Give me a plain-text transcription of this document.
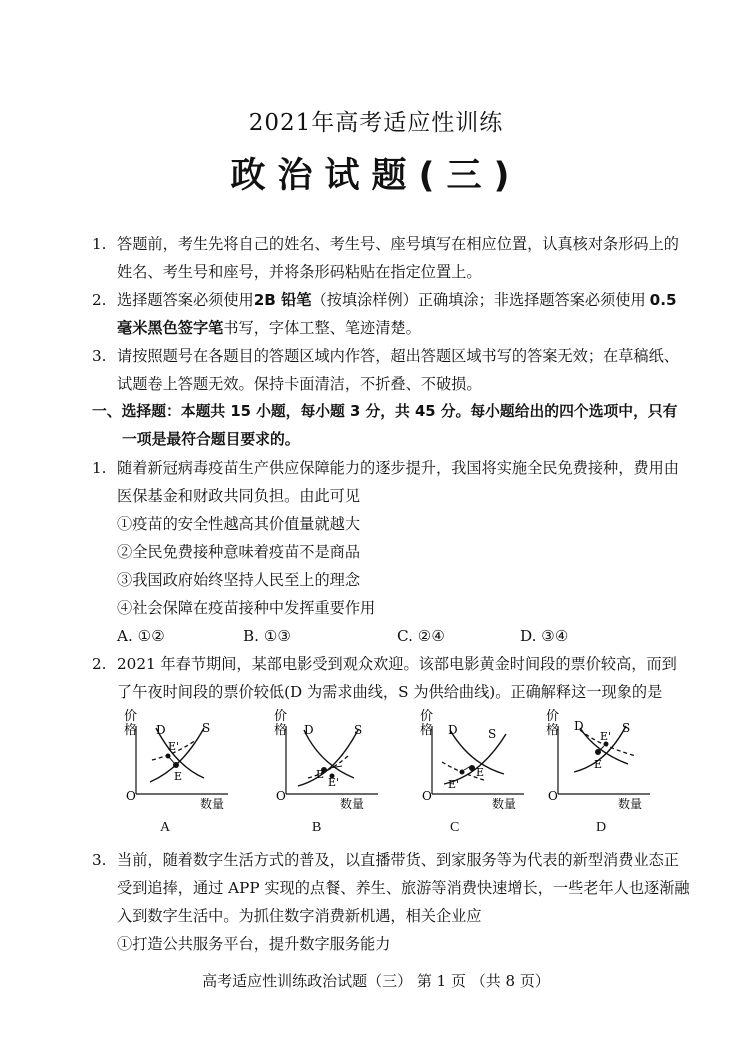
2021年高考适应性训练
政治试题(三)
1. 答题前，考生先将自己的姓名、考生号、座号填写在相应位置，认真核对条形码上的
姓名、考生号和座号，并将条形码粘贴在指定位置上。
2. 选择题答案必须使用2B 铅笔（按填涂样例）正确填涂；非选择题答案必须使用 0.5
毫米黑色签字笔书写，字体工整、笔迹清楚。
3. 请按照题号在各题目的答题区域内作答，超出答题区域书写的答案无效；在草稿纸、
试题卷上答题无效。保持卡面清洁，不折叠、不破损。
一、选择题：本题共 15 小题，每小题 3 分，共 45 分。每小题给出的四个选项中，只有
一项是最符合题目要求的。
1. 随着新冠病毒疫苗生产供应保障能力的逐步提升，我国将实施全民免费接种，费用由
医保基金和财政共同负担。由此可见
①疫苗的安全性越高其价值量就越大
②全民免费接种意味着疫苗不是商品
③我国政府始终坚持人民至上的理念
④社会保障在疫苗接种中发挥重要作用
A. ①②	B. ①③	C. ②④	D. ③④
2. 2021 年春节期间，某部电影受到观众欢迎。该部电影黄金时间段的票价较高，而到
了午夜时间段的票价较低(D 为需求曲线，S 为供给曲线)。正确解释这一现象的是
价
格 D	S
E'
E
O
数量
A
价
格 D	S
E
E'
O
数量
B
价
格 D	S
E
E'
O
数量
C
价
格 D	S
E'
E
O
数量
D
3. 当前，随着数字生活方式的普及，以直播带货、到家服务等为代表的新型消费业态正
受到追捧，通过 APP 实现的点餐、养生、旅游等消费快速增长，一些老年人也逐渐融
入到数字生活中。为抓住数字消费新机遇，相关企业应
①打造公共服务平台，提升数字服务能力
高考适应性训练政治试题（三） 第 1 页 （共 8 页）
